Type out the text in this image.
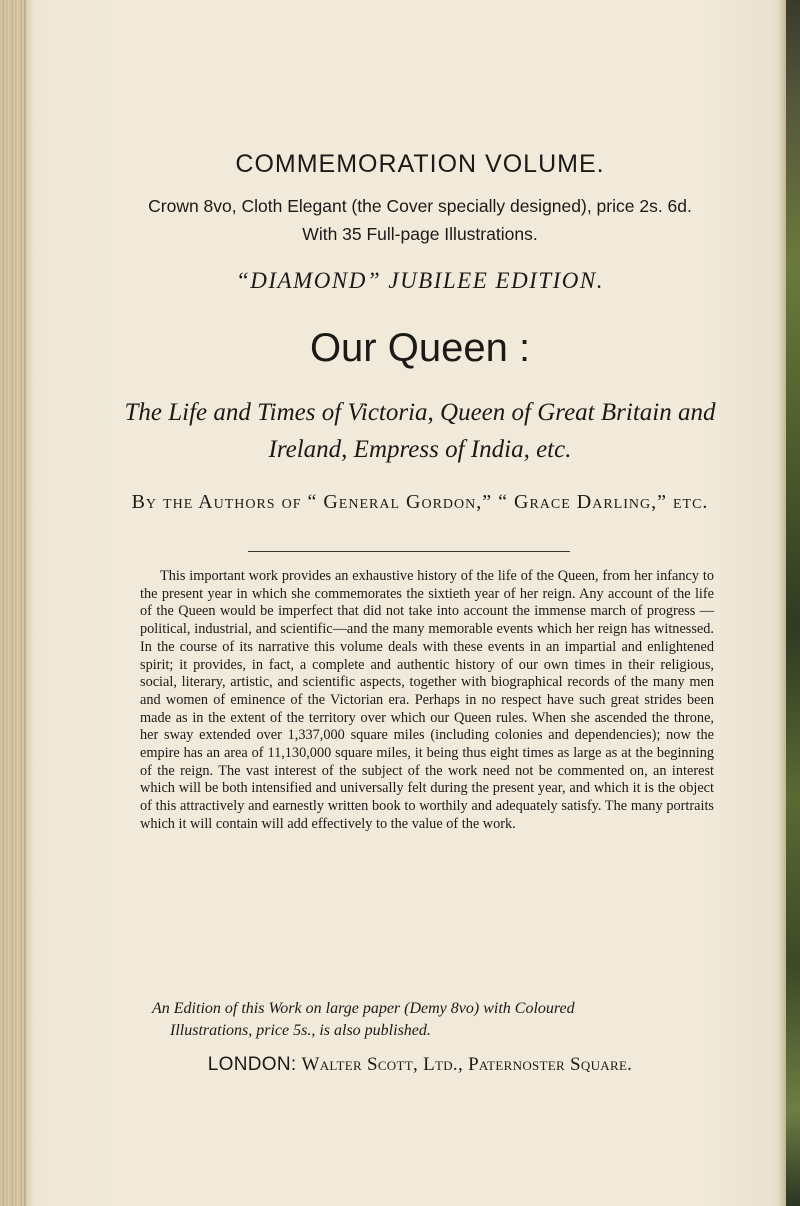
COMMEMORATION VOLUME.
Crown 8vo, Cloth Elegant (the Cover specially designed), price 2s. 6d.
With 35 Full-page Illustrations.
“DIAMOND” JUBILEE EDITION.
Our Queen :
The Life and Times of Victoria, Queen of Great Britain and Ireland, Empress of India, etc.
By the Authors of “ General Gordon,” “ Grace Darling,” etc.

This important work provides an exhaustive history of the life of the Queen, from her infancy to the present year in which she commemorates the sixtieth year of her reign. Any account of the life of the Queen would be imperfect that did not take into account the immense march of progress —political, industrial, and scientific—and the many memorable events which her reign has witnessed. In the course of its narrative this volume deals with these events in an impartial and enlightened spirit; it provides, in fact, a complete and authentic history of our own times in their religious, social, literary, artistic, and scientific aspects, together with biographical records of the many men and women of eminence of the Victorian era. Perhaps in no respect have such great strides been made as in the extent of the territory over which our Queen rules. When she ascended the throne, her sway extended over 1,337,000 square miles (including colonies and dependencies); now the empire has an area of 11,130,000 square miles, it being thus eight times as large as at the beginning of the reign. The vast interest of the subject of the work need not be commented on, an interest which will be both intensified and universally felt during the present year, and which it is the object of this attractively and earnestly written book to worthily and adequately satisfy. The many portraits which it will contain will add effectively to the value of the work.

An Edition of this Work on large paper (Demy 8vo) with Coloured
Illustrations, price 5s., is also published.

LONDON: Walter Scott, Ltd., Paternoster Square.
